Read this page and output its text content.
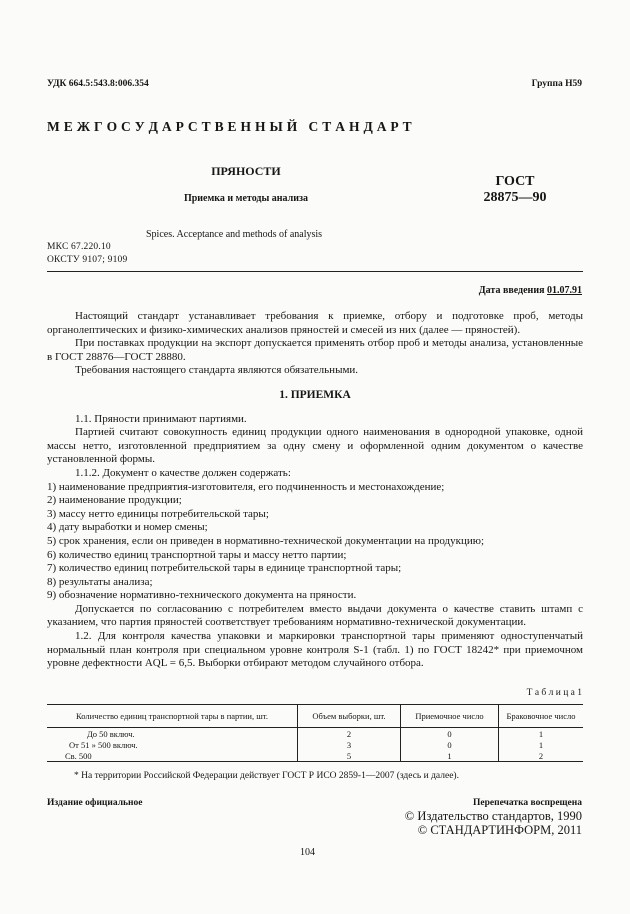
УДК 664.5:543.8:006.354	Группа Н59
М Е Ж Г О С У Д А Р С Т В Е Н Н Ы Й   С Т А Н Д А Р Т
ПРЯНОСТИ
Приемка и методы анализа
ГОСТ
28875—90
Spices. Acceptance and methods of analysis
МКС 67.220.10
ОКСТУ 9107; 9109
Дата введения 01.07.91

Настоящий стандарт устанавливает требования к приемке, отбору и подготовке проб, методы органолептических и физико-химических анализов пряностей и смесей из них (далее — пряностей).

При поставках продукции на экспорт допускается применять отбор проб и методы анализа, установленные в ГОСТ 28876—ГОСТ 28880.

Требования настоящего стандарта являются обязательными.

1. ПРИЕМКА

1.1. Пряности принимают партиями.

Партией считают совокупность единиц продукции одного наименования в однородной упаковке, одной массы нетто, изготовленной предприятием за одну смену и оформленной одним документом о качестве установленной формы.

1.1.2. Документ о качестве должен содержать:

1) наименование предприятия-изготовителя, его подчиненность и местонахождение;

2) наименование продукции;

3) массу нетто единицы потребительской тары;

4) дату выработки и номер смены;

5) срок хранения, если он приведен в нормативно-технической документации на продукцию;

6) количество единиц транспортной тары и массу нетто партии;

7) количество единиц потребительской тары в единице транспортной тары;

8) результаты анализа;

9) обозначение нормативно-технического документа на пряности.

Допускается по согласованию с потребителем вместо выдачи документа о качестве ставить штамп с указанием, что партия пряностей соответствует требованиям нормативно-технической документации.

1.2. Для контроля качества упаковки и маркировки транспортной тары применяют одноступенчатый нормальный план контроля при специальном уровне контроля S-1 (табл. 1) по ГОСТ 18242* при приемочном уровне дефектности AQL = 6,5. Выборки отбирают методом случайного отбора.

Т а б л и ц а 1
Количество единиц транспортной тары в партии, шт.	Объем выборки, шт.	Приемочное число	Браковочное число
До 50 включ.	2	0	1
От 51 » 500 включ.	3	0	1
Св. 500	5	1	2
* На территории Российской Федерации действует ГОСТ Р ИСО 2859-1—2007 (здесь и далее).
Издание официальное	Перепечатка воспрещена
© Издательство стандартов, 1990
© СТАНДАРТИНФОРМ, 2011
104
